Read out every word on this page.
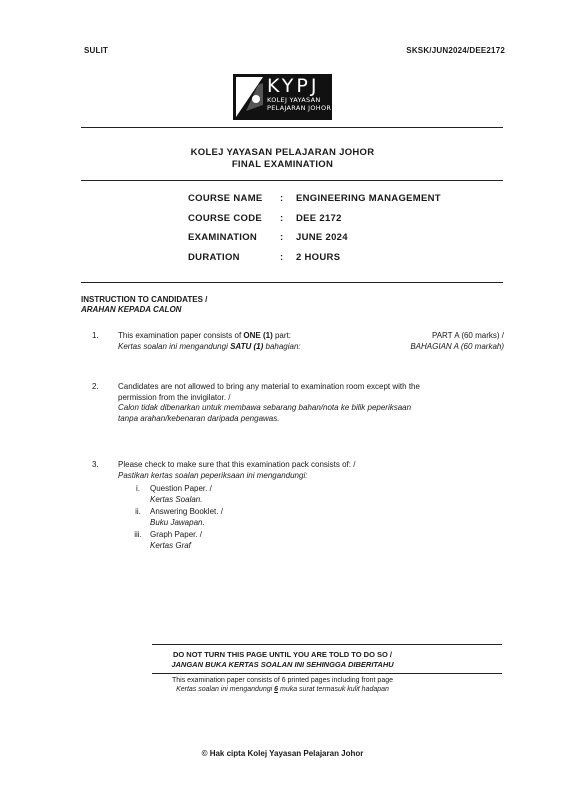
SULIT	SKSK/JUN2024/DEE2172
KYPJ
KOLEJ YAYASAN
PELAJARAN JOHOR
KOLEJ YAYASAN PELAJARAN JOHOR
FINAL EXAMINATION
COURSE NAME	:	ENGINEERING MANAGEMENT
COURSE CODE	:	DEE 2172
EXAMINATION	:	JUNE 2024
DURATION	:	2 HOURS
INSTRUCTION TO CANDIDATES /
ARAHAN KEPADA CALON
1. This examination paper consists of ONE (1) part:
Kertas soalan ini mengandungi SATU (1) bahagian:
PART A (60 marks) /
BAHAGIAN A (60 markah)
2. Candidates are not allowed to bring any material to examination room except with the
permission from the invigilator. /
Calon tidak dibenarkan untuk membawa sebarang bahan/nota ke bilik peperiksaan
tanpa arahan/kebenaran daripada pengawas.
3. Please check to make sure that this examination pack consists of: /
Pastikan kertas soalan peperiksaan ini mengandungi:
i.	Question Paper. /
Kertas Soalan.
ii.	Answering Booklet. /
Buku Jawapan.
iii.	Graph Paper. /
Kertas Graf
DO NOT TURN THIS PAGE UNTIL YOU ARE TOLD TO DO SO /
JANGAN BUKA KERTAS SOALAN INI SEHINGGA DIBERITAHU
This examination paper consists of 6 printed pages including front page
Kertas soalan ini mengandungi 6 muka surat termasuk kulit hadapan
© Hak cipta Kolej Yayasan Pelajaran Johor
